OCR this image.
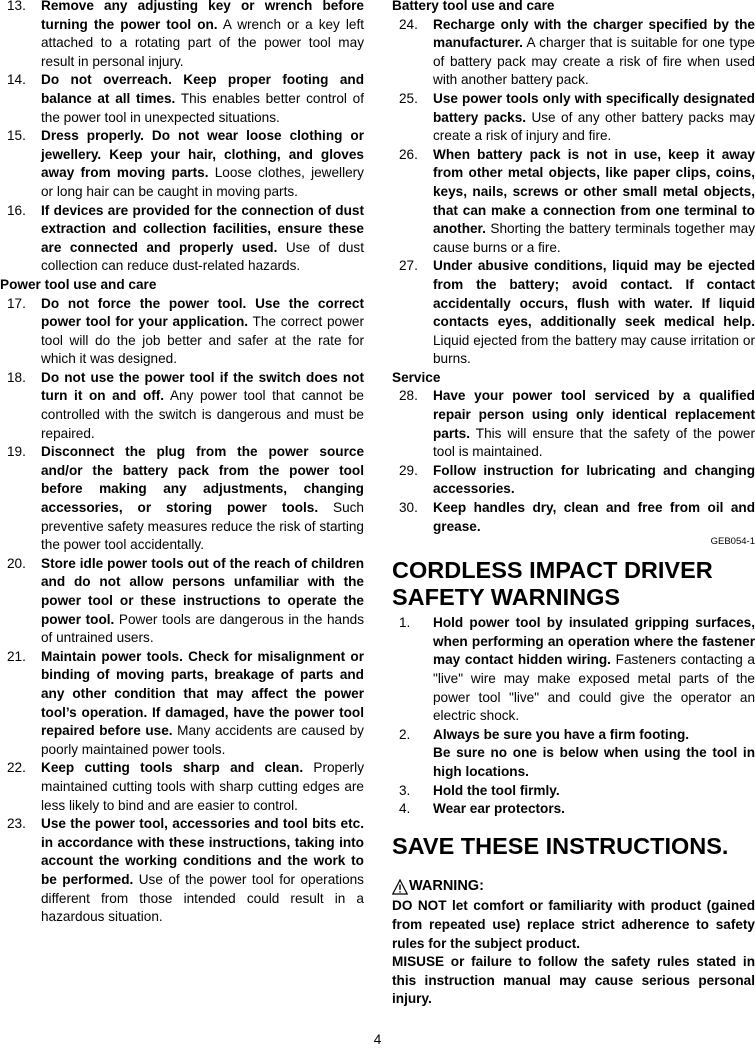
13. Remove any adjusting key or wrench before turning the power tool on. A wrench or a key left attached to a rotating part of the power tool may result in personal injury.

14. Do not overreach. Keep proper footing and balance at all times. This enables better control of the power tool in unexpected situations.

15. Dress properly. Do not wear loose clothing or jewellery. Keep your hair, clothing, and gloves away from moving parts. Loose clothes, jewellery or long hair can be caught in moving parts.

16. If devices are provided for the connection of dust extraction and collection facilities, ensure these are connected and properly used. Use of dust collection can reduce dust-related hazards.

Power tool use and care

17. Do not force the power tool. Use the correct power tool for your application. The correct power tool will do the job better and safer at the rate for which it was designed.

18. Do not use the power tool if the switch does not turn it on and off. Any power tool that cannot be controlled with the switch is dangerous and must be repaired.

19. Disconnect the plug from the power source and/or the battery pack from the power tool before making any adjustments, changing accessories, or storing power tools. Such preventive safety measures reduce the risk of starting the power tool accidentally.

20. Store idle power tools out of the reach of children and do not allow persons unfamiliar with the power tool or these instructions to operate the power tool. Power tools are dangerous in the hands of untrained users.

21. Maintain power tools. Check for misalignment or binding of moving parts, breakage of parts and any other condition that may affect the power tool’s operation. If damaged, have the power tool repaired before use. Many accidents are caused by poorly maintained power tools.

22. Keep cutting tools sharp and clean. Properly maintained cutting tools with sharp cutting edges are less likely to bind and are easier to control.

23. Use the power tool, accessories and tool bits etc. in accordance with these instructions, taking into account the working conditions and the work to be performed. Use of the power tool for operations different from those intended could result in a hazardous situation.

Battery tool use and care

24. Recharge only with the charger specified by the manufacturer. A charger that is suitable for one type of battery pack may create a risk of fire when used with another battery pack.

25. Use power tools only with specifically designated battery packs. Use of any other battery packs may create a risk of injury and fire.

26. When battery pack is not in use, keep it away from other metal objects, like paper clips, coins, keys, nails, screws or other small metal objects, that can make a connection from one terminal to another. Shorting the battery terminals together may cause burns or a fire.

27. Under abusive conditions, liquid may be ejected from the battery; avoid contact. If contact accidentally occurs, flush with water. If liquid contacts eyes, additionally seek medical help. Liquid ejected from the battery may cause irritation or burns.

Service

28. Have your power tool serviced by a qualified repair person using only identical replacement parts. This will ensure that the safety of the power tool is maintained.

29. Follow instruction for lubricating and changing accessories.

30. Keep handles dry, clean and free from oil and grease.

GEB054-1

CORDLESS IMPACT DRIVER
SAFETY WARNINGS
1. Hold power tool by insulated gripping surfaces, when performing an operation where the fastener may contact hidden wiring. Fasteners contacting a "live" wire may make exposed metal parts of the power tool "live" and could give the operator an electric shock.

2. Always be sure you have a firm footing.

Be sure no one is below when using the tool in high locations.

3. Hold the tool firmly.

4. Wear ear protectors.

SAVE THESE INSTRUCTIONS.

WARNING:

DO NOT let comfort or familiarity with product (gained from repeated use) replace strict adherence to safety rules for the subject product.

MISUSE or failure to follow the safety rules stated in this instruction manual may cause serious personal injury.

4
